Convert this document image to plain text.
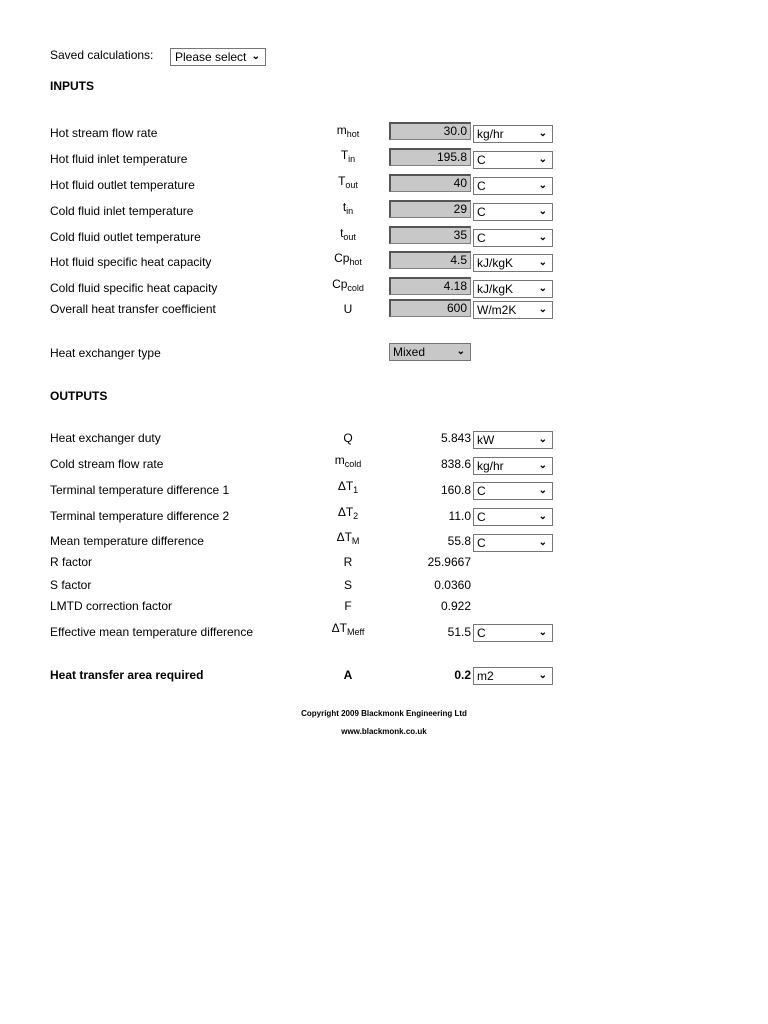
Saved calculations:	Please select ⌄
INPUTS
Hot stream flow rate	$m_{hot}$	30.0 kg/hr	⌄
Hot fluid inlet temperature	$T_{in}$	195.8 C	⌄
Hot fluid outlet temperature	$T_{out}$	40 C	⌄
Cold fluid inlet temperature	$t_{in}$	29 C	⌄
Cold fluid outlet temperature	$t_{out}$	35 C	⌄
Hot fluid specific heat capacity	$Cp_{hot}$	4.5 kJ/kgK	⌄
Cold fluid specific heat capacity	$Cp_{cold}$	4.18 kJ/kgK	⌄
Overall heat transfer coefficient	U	600 W/m2K ⌄
Heat exchanger type	Mixed	⌄
OUTPUTS
Heat exchanger duty	Q	5.843 kW	⌄
Cold stream flow rate	$m_{cold}$	838.6 kg/hr	⌄
Terminal temperature difference 1	$\Delta T_1$	160.8 C	⌄
Terminal temperature difference 2	$\Delta T_2$	11.0 C	⌄
Mean temperature difference	$\Delta T_M$	55.8 C	⌄
R factor	R	25.9667
S factor	S	0.0360
LMTD correction factor	F	0.922
Effective mean temperature difference	$\Delta T_{Meff}$	51.5 C	⌄
Heat transfer area required	A	0.2 m2	⌄
Copyright 2009 Blackmonk Engineering Ltd
www.blackmonk.co.uk
